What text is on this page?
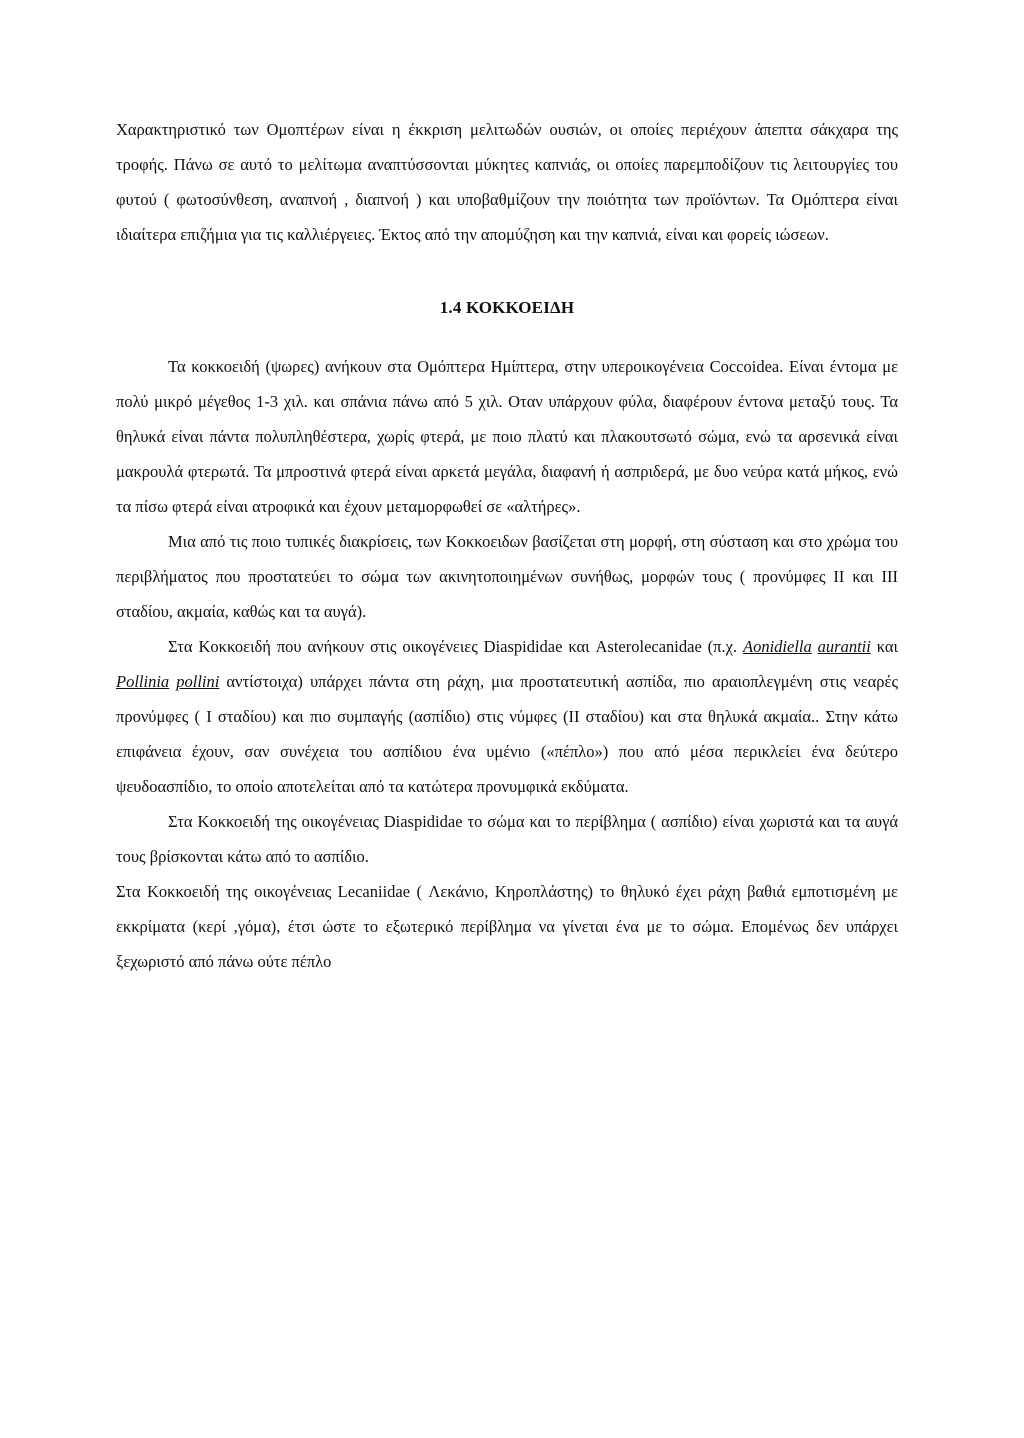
Χαρακτηριστικό των Ομοπτέρων είναι η έκκριση μελιτωδών ουσιών, οι οποίες περιέχουν άπεπτα σάκχαρα της τροφής. Πάνω σε αυτό το μελίτωμα αναπτύσσονται μύκητες καπνιάς, οι οποίες παρεμποδίζουν τις λειτουργίες του φυτού ( φωτοσύνθεση, αναπνοή , διαπνοή ) και υποβαθμίζουν την ποιότητα των προϊόντων. Τα Ομόπτερα είναι ιδιαίτερα επιζήμια για τις καλλιέργειες. Έκτος από την απομύζηση και την καπνιά, είναι και φορείς ιώσεων.

1.4 ΚΟΚΚΟΕΙΔΗ

Τα κοκκοειδή (ψωρες) ανήκουν στα Ομόπτερα Ημίπτερα, στην υπεροικογένεια Coccoidea. Είναι έντομα με πολύ μικρό μέγεθος 1-3 χιλ. και σπάνια πάνω από 5 χιλ. Οταν υπάρχουν φύλα, διαφέρουν έντονα μεταξύ τους. Τα θηλυκά είναι πάντα πολυπληθέστερα, χωρίς φτερά, με ποιο πλατύ και πλακουτσωτό σώμα, ενώ τα αρσενικά είναι μακρουλά φτερωτά. Τα μπροστινά φτερά είναι αρκετά μεγάλα, διαφανή ή ασπριδερά, με δυο νεύρα κατά μήκος, ενώ τα πίσω φτερά είναι ατροφικά και έχουν μεταμορφωθεί σε «αλτήρες».

Μια από τις ποιο τυπικές διακρίσεις, των Κοκκοειδων βασίζεται στη μορφή, στη σύσταση και στο χρώμα του περιβλήματος που προστατεύει το σώμα των ακινητοποιημένων συνήθως, μορφών τους ( προνύμφες ΙΙ και ΙΙΙ σταδίου, ακμαία, καθώς και τα αυγά).

Στα Κοκκοειδή που ανήκουν στις οικογένειες Diaspididae και Asterolecanidae (π.χ. Aonidiella aurantii και Pollinia pollini αντίστοιχα) υπάρχει πάντα στη ράχη, μια προστατευτική ασπίδα, πιο αραιοπλεγμένη στις νεαρές προνύμφες ( Ι σταδίου) και πιο συμπαγής (ασπίδιο) στις νύμφες (ΙΙ σταδίου) και στα θηλυκά ακμαία.. Στην κάτω επιφάνεια έχουν, σαν συνέχεια του ασπίδιου ένα υμένιο («πέπλο») που από μέσα περικλείει ένα δεύτερο ψευδοασπίδιο, το οποίο αποτελείται από τα κατώτερα προνυμφικά εκδύματα.

Στα Κοκκοειδή της οικογένειας Diaspididae το σώμα και το περίβλημα ( ασπίδιο) είναι χωριστά και τα αυγά τους βρίσκονται κάτω από το ασπίδιο.

Στα Κοκκοειδή της οικογένειας Lecaniidae ( Λεκάνιο, Κηροπλάστης) το θηλυκό έχει ράχη βαθιά εμποτισμένη με εκκρίματα (κερί ,γόμα), έτσι ώστε το εξωτερικό περίβλημα να γίνεται ένα με το σώμα. Επομένως δεν υπάρχει ξεχωριστό από πάνω ούτε πέπλο
